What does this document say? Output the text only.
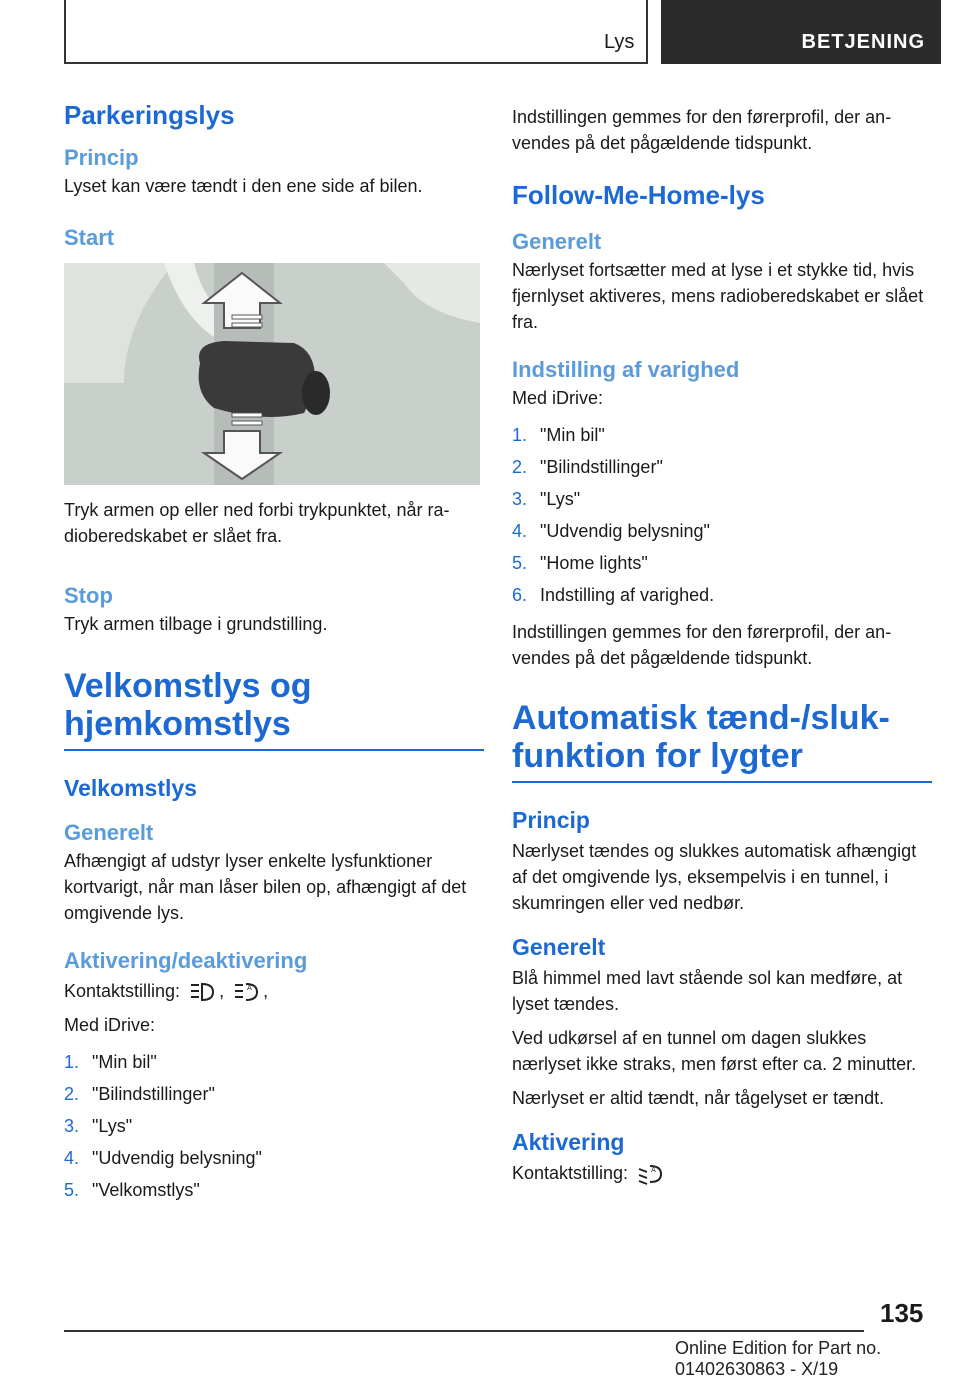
Lys	BETJENING
Parkeringslys
Princip

Lyset kan være tændt i den ene side af bilen.

Start

Tryk armen op eller ned forbi trykpunktet, når radioberedskabet er slået fra.

Stop

Tryk armen tilbage i grundstilling.

Velkomstlys og hjemkomstlys
Velkomstlys
Generelt

Afhængigt af udstyr lyser enkelte lysfunktioner kortvarigt, når man låser bilen op, afhængigt af det omgivende lys.

Aktivering/deaktivering

Kontaktstilling: ,	A ,

Med iDrive:

1. "Min bil"
2. "Bilindstillinger"
3. "Lys"
4. "Udvendig belysning"
5. "Velkomstlys"

Indstillingen gemmes for den førerprofil, der anvendes på det pågældende tidspunkt.

Follow-Me-Home-lys
Generelt

Nærlyset fortsætter med at lyse i et stykke tid, hvis fjernlyset aktiveres, mens radioberedskabet er slået fra.

Indstilling af varighed

Med iDrive:

1. "Min bil"
2. "Bilindstillinger"
3. "Lys"
4. "Udvendig belysning"
5. "Home lights"
6. Indstilling af varighed.

Indstillingen gemmes for den førerprofil, der anvendes på det pågældende tidspunkt.

Automatisk tænd-/slukfunktion for lygter
Princip

Nærlyset tændes og slukkes automatisk afhængigt af det omgivende lys, eksempelvis i en tunnel, i skumringen eller ved nedbør.

Generelt

Blå himmel med lavt stående sol kan medføre, at lyset tændes.

Ved udkørsel af en tunnel om dagen slukkes nærlyset ikke straks, men først efter ca. 2 minutter.

Nærlyset er altid tændt, når tågelyset er tændt.

Aktivering

Kontaktstilling:	A

135
Online Edition for Part no. 01402630863 - X/19
